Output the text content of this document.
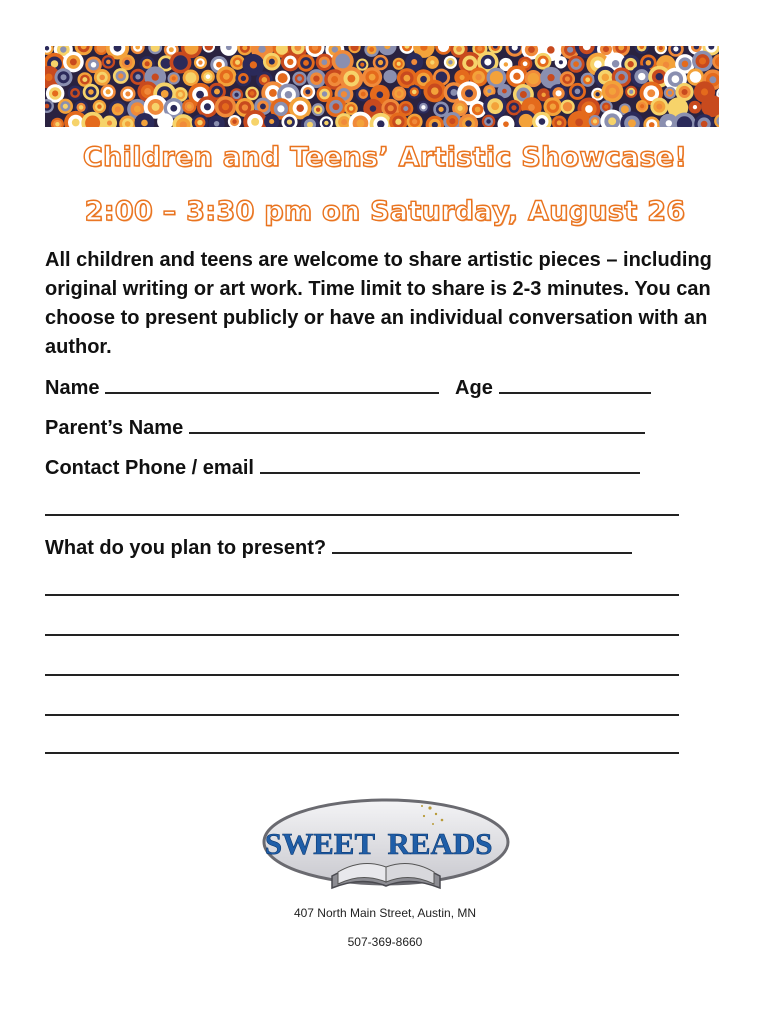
Children and Teens’ Artistic Showcase!
2:00 – 3:30 pm on Saturday, August 26
All children and teens are welcome to share artistic pieces – including original writing or art work. Time limit to share is 2-3 minutes. You can choose to present publicly or have an individual conversation with an author.
Name	Age
Parent’s Name
Contact Phone / email
What do you plan to present?
SWEET READS
407 North Main Street, Austin, MN
507-369-8660
